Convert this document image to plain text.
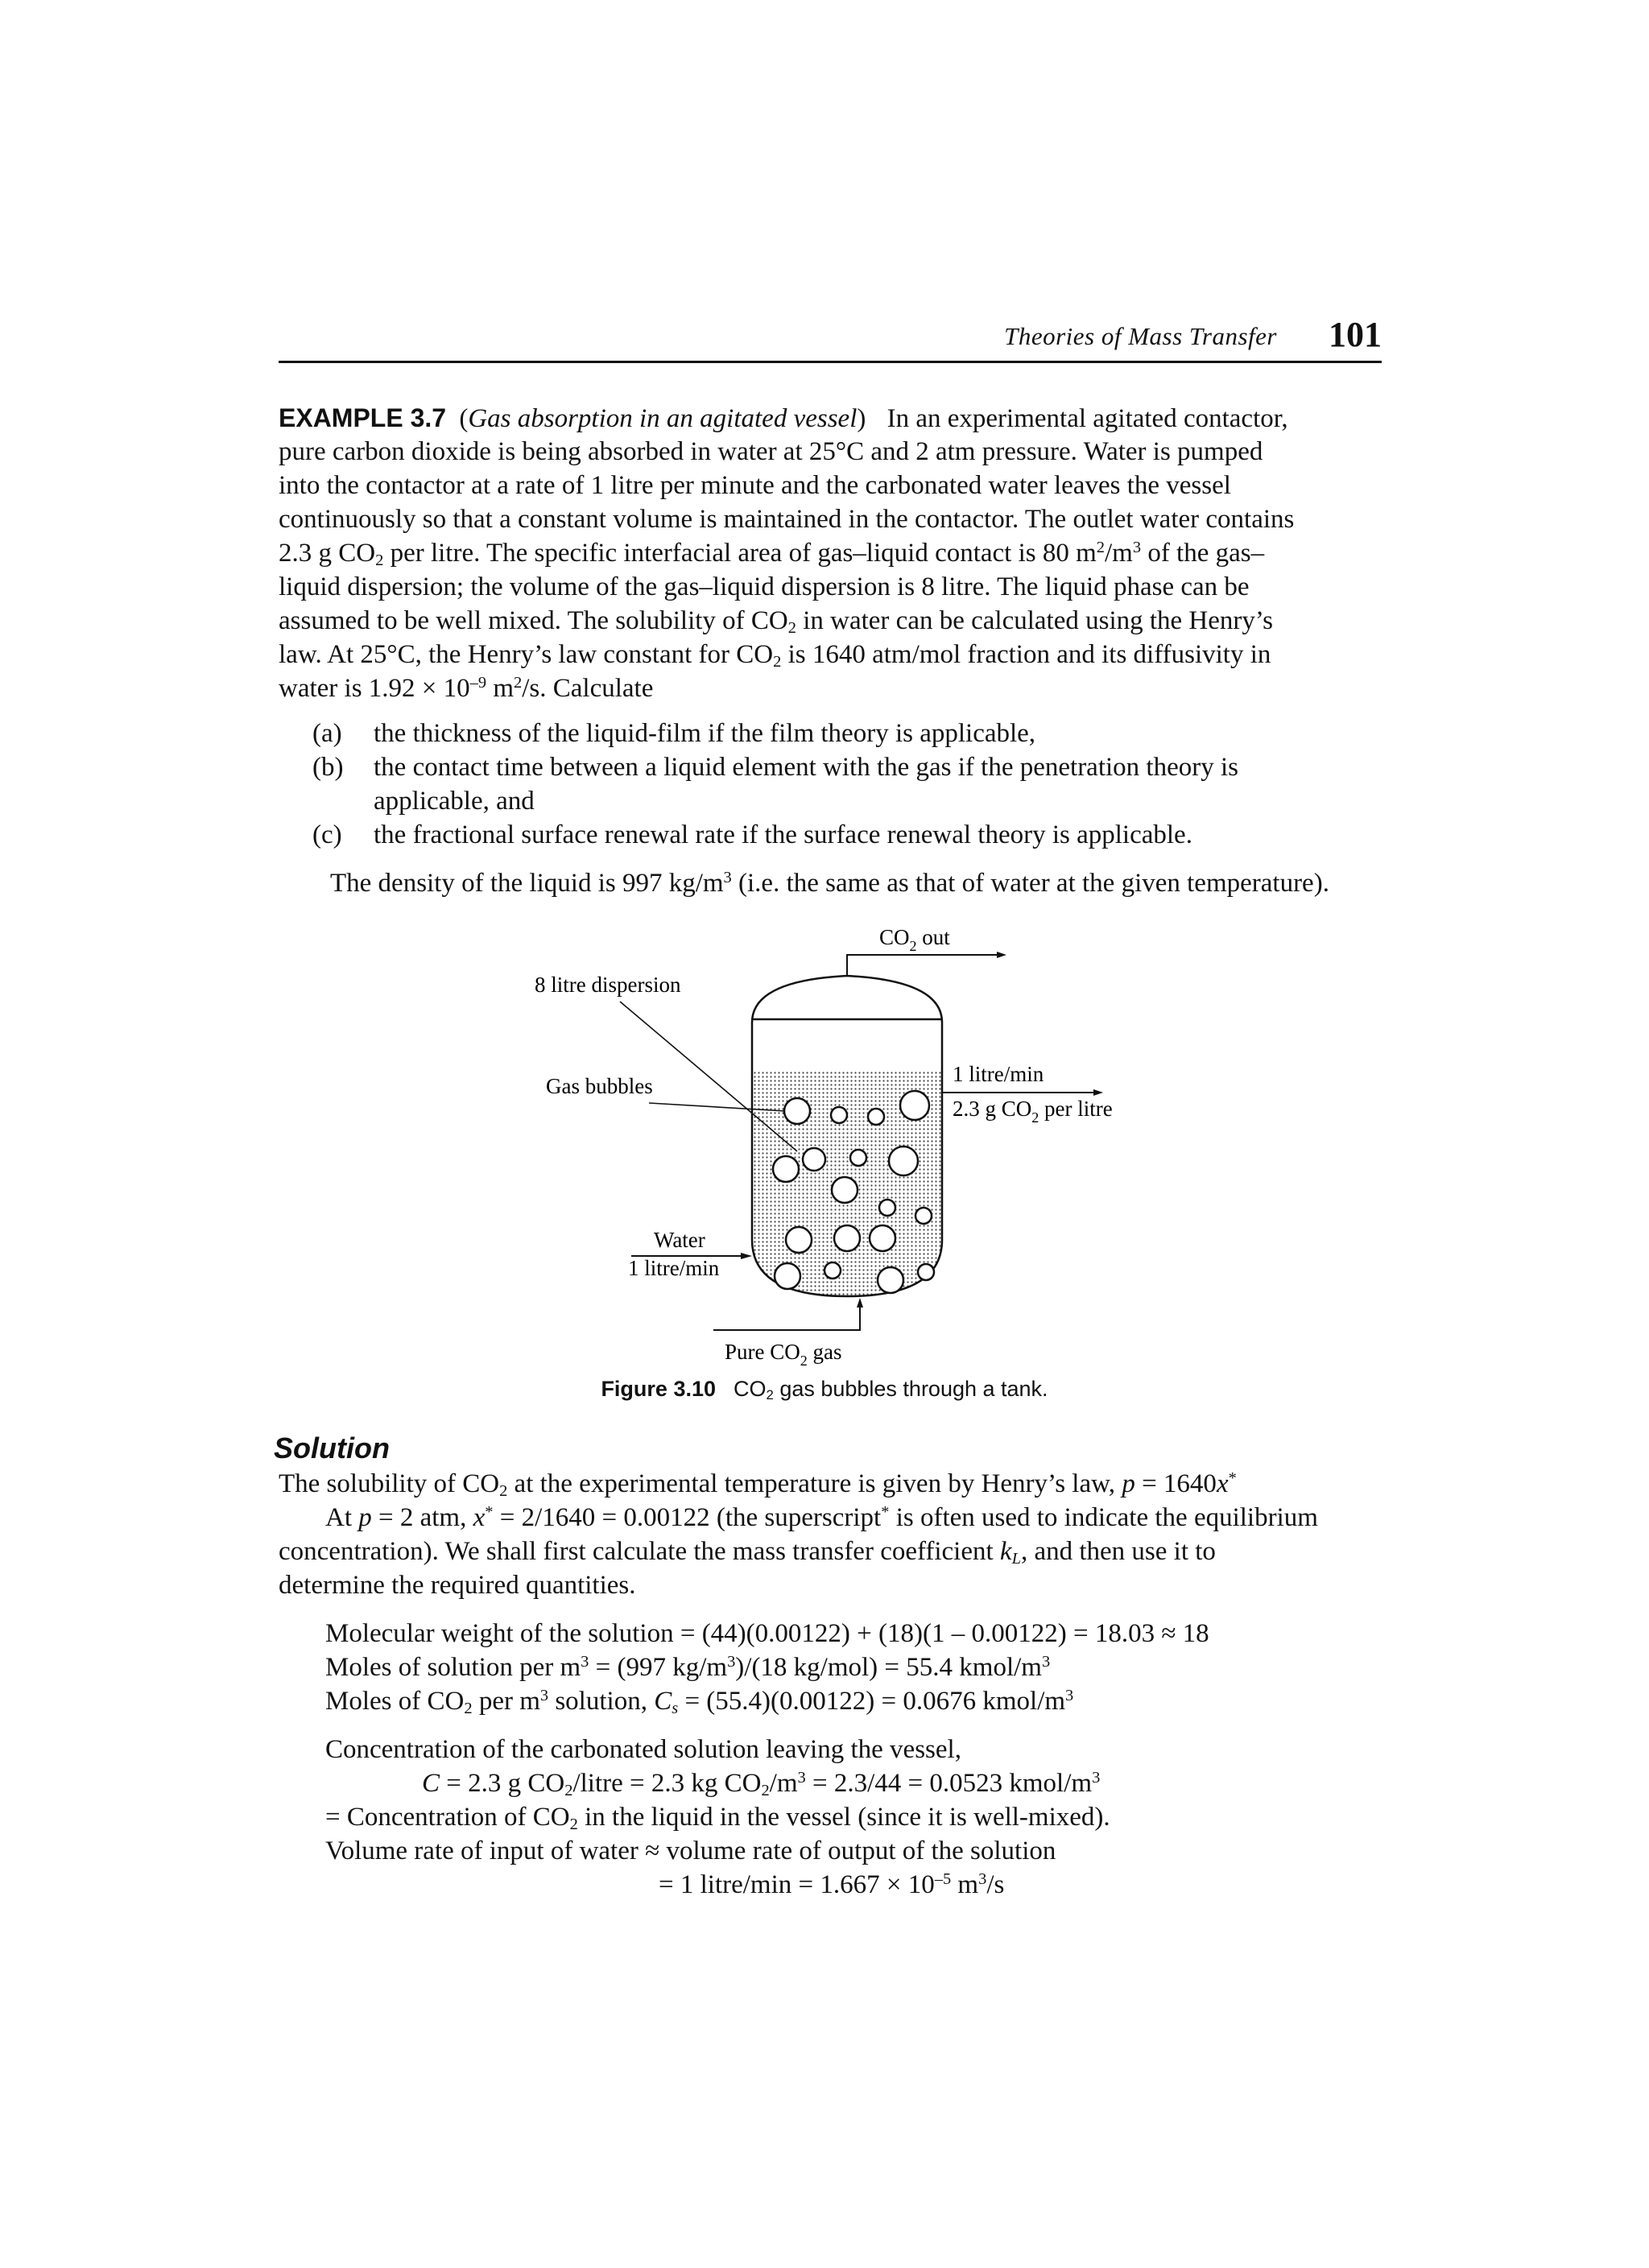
Theories of Mass Transfer 101
EXAMPLE 3.7 (Gas absorption in an agitated vessel) In an experimental agitated contactor,
pure carbon dioxide is being absorbed in water at 25°C and 2 atm pressure. Water is pumped
into the contactor at a rate of 1 litre per minute and the carbonated water leaves the vessel
continuously so that a constant volume is maintained in the contactor. The outlet water contains
2.3 g $CO_2$ per litre. The specific interfacial area of gas–liquid contact is 80 $m^2/m^3$ of the gas–
liquid dispersion; the volume of the gas–liquid dispersion is 8 litre. The liquid phase can be
assumed to be well mixed. The solubility of $CO_2$ in water can be calculated using the Henry’s
law. At 25°C, the Henry’s law constant for $CO_2$ is 1640 atm/mol fraction and its diffusivity in
water is $1.92 \times 10^{-9}$ $m^2/s$. Calculate
(a) the thickness of the liquid-film if the film theory is applicable,
(b) the contact time between a liquid element with the gas if the penetration theory is
applicable, and
(c) the fractional surface renewal rate if the surface renewal theory is applicable.
The density of the liquid is 997 $kg/m^3$ (i.e. the same as that of water at the given temperature).
$CO_2$ out
1 litre/min
2.3 g $CO_2$ per litre
8 litre dispersion
Gas bubbles
Water
1 litre/min
Pure $CO_2$ gas
Figure 3.10 $CO_2$ gas bubbles through a tank.
Solution
The solubility of $CO_2$ at the experimental temperature is given by Henry’s law, p = 1640x*
At p = 2 atm, x* = 2/1640 = 0.00122 (the superscript* is often used to indicate the equilibrium
concentration). We shall first calculate the mass transfer coefficient $k_L$, and then use it to
determine the required quantities.
Molecular weight of the solution = (44)(0.00122) + (18)(1 – 0.00122) = 18.03 ≈ 18
Moles of solution per $m^3 = (997$ $kg/m^3)/(18$ kg/mol) = 55.4 kmol/$m^3$
Moles of $CO_2$ per $m^3$ solution, $C_s = (55.4)(0.00122) = 0.0676$ kmol/$m^3$
Concentration of the carbonated solution leaving the vessel,
C = 2.3 g $CO_2$/litre = 2.3 kg $CO_2/m^3 = 2.3/44 = 0.0523$ kmol/$m^3$
= Concentration of $CO_2$ in the liquid in the vessel (since it is well-mixed).
Volume rate of input of water ≈ volume rate of output of the solution
= 1 litre/min = $1.667 \times 10^{-5}$ $m^3/s$
